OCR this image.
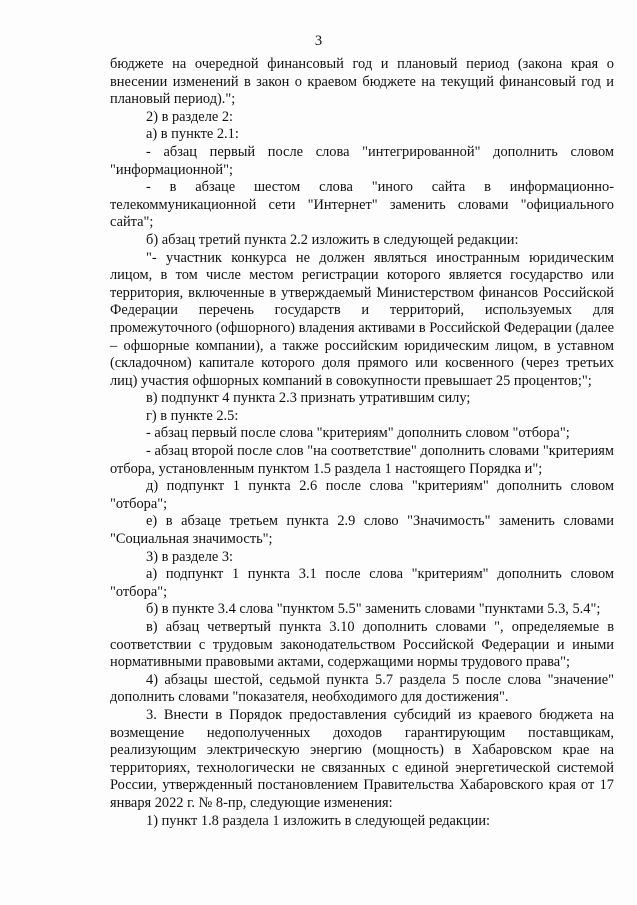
3

бюджете на очередной финансовый год и плановый период (закона края о внесении изменений в закон о краевом бюджете на текущий финансовый год и плановый период).";

2) в разделе 2:

а) в пункте 2.1:

- абзац первый после слова "интегрированной" дополнить словом "информационной";

- в абзаце шестом слова "иного сайта в информационно-телекоммуникационной сети "Интернет" заменить словами "официального сайта";

б) абзац третий пункта 2.2 изложить в следующей редакции:

"- участник конкурса не должен являться иностранным юридическим лицом, в том числе местом регистрации которого является государство или территория, включенные в утверждаемый Министерством финансов Российской Федерации перечень государств и территорий, используемых для промежуточного (офшорного) владения активами в Российской Федерации (далее – офшорные компании), а также российским юридическим лицом, в уставном (складочном) капитале которого доля прямого или косвенного (через третьих лиц) участия офшорных компаний в совокупности превышает 25 процентов;";

в) подпункт 4 пункта 2.3 признать утратившим силу;

г) в пункте 2.5:

- абзац первый после слова "критериям" дополнить словом "отбора";

- абзац второй после слов "на соответствие" дополнить словами "критериям отбора, установленным пунктом 1.5 раздела 1 настоящего Порядка и";

д) подпункт 1 пункта 2.6 после слова "критериям" дополнить словом "отбора";

е) в абзаце третьем пункта 2.9 слово "Значимость" заменить словами "Социальная значимость";

3) в разделе 3:

а) подпункт 1 пункта 3.1 после слова "критериям" дополнить словом "отбора";

б) в пункте 3.4 слова "пунктом 5.5" заменить словами "пунктами 5.3, 5.4";

в) абзац четвертый пункта 3.10 дополнить словами ", определяемые в соответствии с трудовым законодательством Российской Федерации и иными нормативными правовыми актами, содержащими нормы трудового права";

4) абзацы шестой, седьмой пункта 5.7 раздела 5 после слова "значение" дополнить словами "показателя, необходимого для достижения".

3. Внести в Порядок предоставления субсидий из краевого бюджета на возмещение недополученных доходов гарантирующим поставщикам, реализующим электрическую энергию (мощность) в Хабаровском крае на территориях, технологически не связанных с единой энергетической системой России, утвержденный постановлением Правительства Хабаровского края от 17 января 2022 г. № 8-пр, следующие изменения:

1) пункт 1.8 раздела 1 изложить в следующей редакции:
